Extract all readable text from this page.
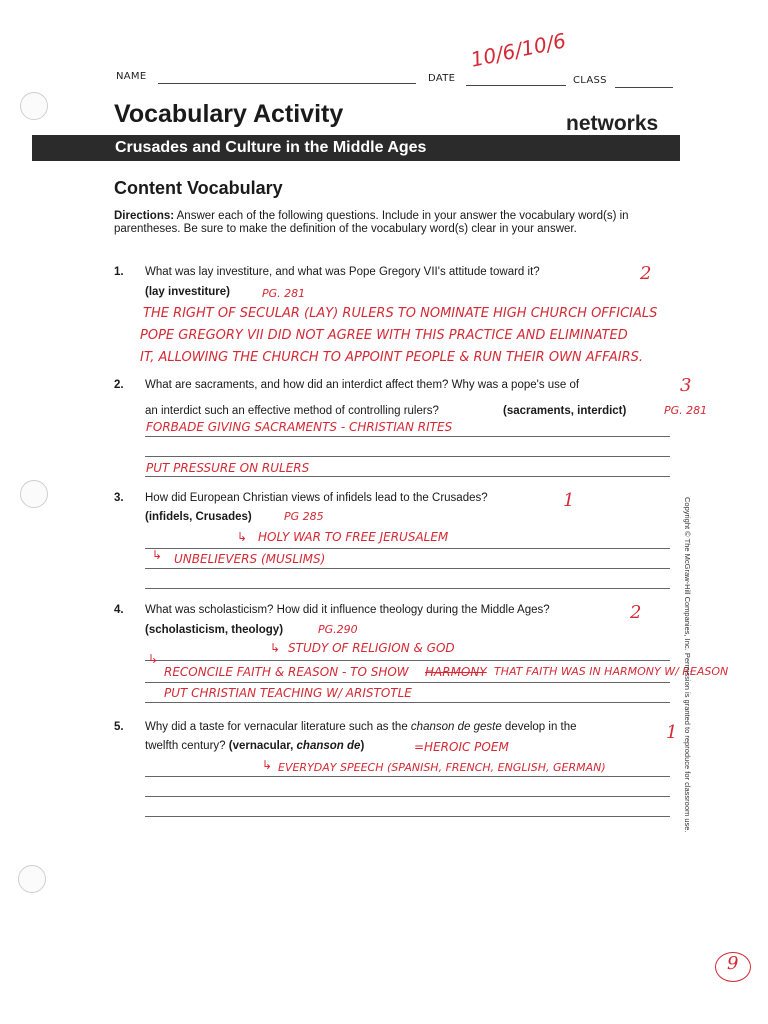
NAME	DATE	CLASS
10/6/10/6
Vocabulary Activity	networks
Crusades and Culture in the Middle Ages
Content Vocabulary
Directions: Answer each of the following questions. Include in your answer the vocabulary word(s) in parentheses. Be sure to make the definition of the vocabulary word(s) clear in your answer.
1. What was lay investiture, and what was Pope Gregory VII's attitude toward it?	2
(lay investiture)	PG. 281
THE RIGHT OF SECULAR (LAY) RULERS TO NOMINATE HIGH CHURCH OFFICIALS
POPE GREGORY VII DID NOT AGREE WITH THIS PRACTICE AND ELIMINATED
IT, ALLOWING THE CHURCH TO APPOINT PEOPLE & RUN THEIR OWN AFFAIRS.
2. What are sacraments, and how did an interdict affect them? Why was a pope's use of	3
an interdict such an effective method of controlling rulers?	(sacraments, interdict)	PG. 281
FORBADE GIVING SACRAMENTS - CHRISTIAN RITES
PUT PRESSURE ON RULERS
3. How did European Christian views of infidels lead to the Crusades?	1
(infidels, Crusades)	PG 285
↳ HOLY WAR TO FREE JERUSALEM
↳ UNBELIEVERS (MUSLIMS)
4. What was scholasticism? How did it influence theology during the Middle Ages?	2
(scholasticism, theology)	PG.290
↳ STUDY OF RELIGION & GOD
↳
RECONCILE FAITH & REASON - TO SHOW HARMONY THAT FAITH WAS IN HARMONY W/ REASON
PUT CHRISTIAN TEACHING W/ ARISTOTLE
5. Why did a taste for vernacular literature such as the chanson de geste develop in the	1
twelfth century? (vernacular, chanson de)	=HEROIC POEM
↳ EVERYDAY SPEECH (SPANISH, FRENCH, ENGLISH, GERMAN)	Copyright © The McGraw-Hill Companies, Inc. Permission is granted to reproduce for classroom use.
9
